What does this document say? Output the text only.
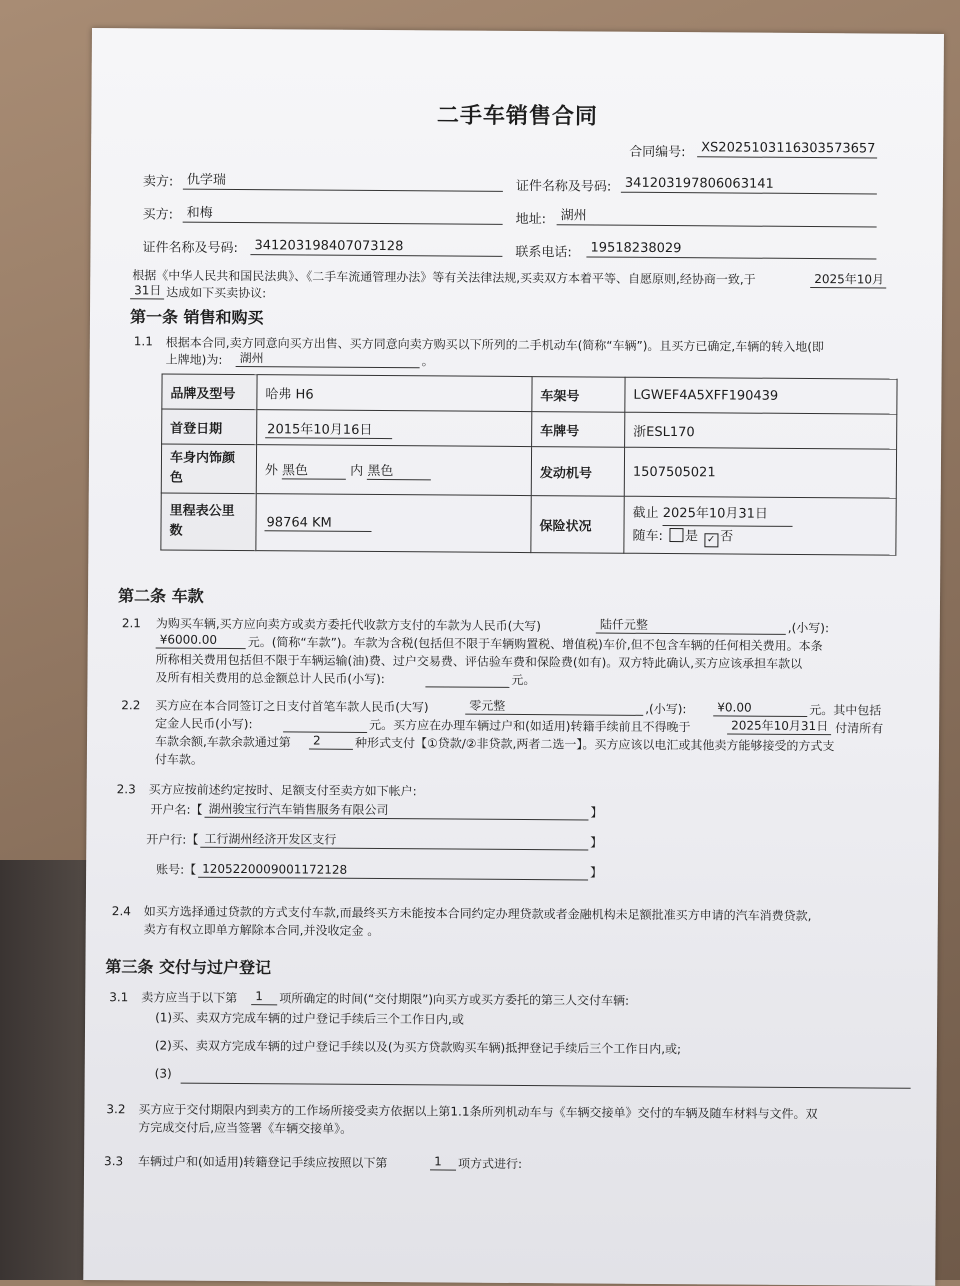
二手车销售合同
合同编号:	XS2025103116303573657
卖方:	仇学瑞	证件名称及号码:	341203197806063141
买方:	和梅	地址:	湖州
证件名称及号码:	341203198407073128	联系电话:	19518238029
根据《中华人民共和国民法典》、《二手车流通管理办法》等有关法律法规,买卖双方本着平等、自愿原则,经协商一致,于	2025年10月
31日 达成如下买卖协议:
第一条 销售和购买
1.1 根据本合同,卖方同意向买方出售、买方同意向卖方购买以下所列的二手机动车(简称“车辆”)。且买方已确定,车辆的转入地(即
上牌地)为:	湖州	。
品牌及型号	哈弗 H6	车架号	LGWEF4A5XFF190439
首登日期	2015年10月16日	车牌号	浙ESL170
车身内饰颜
色	外 黑色 内 黑色	发动机号	1507505021
里程表公里
数	98764 KM	保险状况	截止 2025年10月31日
随车: 是 ✓ 否
第二条 车款
2.1 为购买车辆,买方应向卖方或卖方委托代收款方支付的车款为人民币(大写)	陆仟元整	,(小写):
¥6000.00	元。(简称“车款”)。车款为含税(包括但不限于车辆购置税、增值税)车价,但不包含车辆的任何相关费用。本条
所称相关费用包括但不限于车辆运输(油)费、过户交易费、评估验车费和保险费(如有)。双方特此确认,买方应该承担车款以
及所有相关费用的总金额总计人民币(小写):	元。
2.2 买方应在本合同签订之日支付首笔车款人民币(大写)	零元整	,(小写):	¥0.00	元。其中包括
定金人民币(小写):	元。买方应在办理车辆过户和(如适用)转籍手续前且不得晚于	2025年10月31日 付清所有
车款余额,车款余款通过第	2	种形式支付【①贷款/②非贷款,两者二选一】。买方应该以电汇或其他卖方能够接受的方式支
付车款。
2.3 买方应按前述约定按时、足额支付至卖方如下帐户:
开户名:【 湖州骏宝行汽车销售服务有限公司	】
开户行:【 工行湖州经济开发区支行	】
账号:【 1205220009001172128	】
2.4 如买方选择通过贷款的方式支付车款,而最终买方未能按本合同约定办理贷款或者金融机构未足额批准买方申请的汽车消费贷款,
卖方有权立即单方解除本合同,并没收定金 。
第三条 交付与过户登记
3.1 卖方应当于以下第	1	项所确定的时间(“交付期限”)向买方或买方委托的第三人交付车辆:
(1)买、卖双方完成车辆的过户登记手续后三个工作日内,或
(2)买、卖双方完成车辆的过户登记手续以及(为买方贷款购买车辆)抵押登记手续后三个工作日内,或;
(3)
3.2 买方应于交付期限内到卖方的工作场所接受卖方依据以上第1.1条所列机动车与《车辆交接单》交付的车辆及随车材料与文件。双
方完成交付后,应当签署《车辆交接单》。
3.3 车辆过户和(如适用)转籍登记手续应按照以下第	1	项方式进行:
